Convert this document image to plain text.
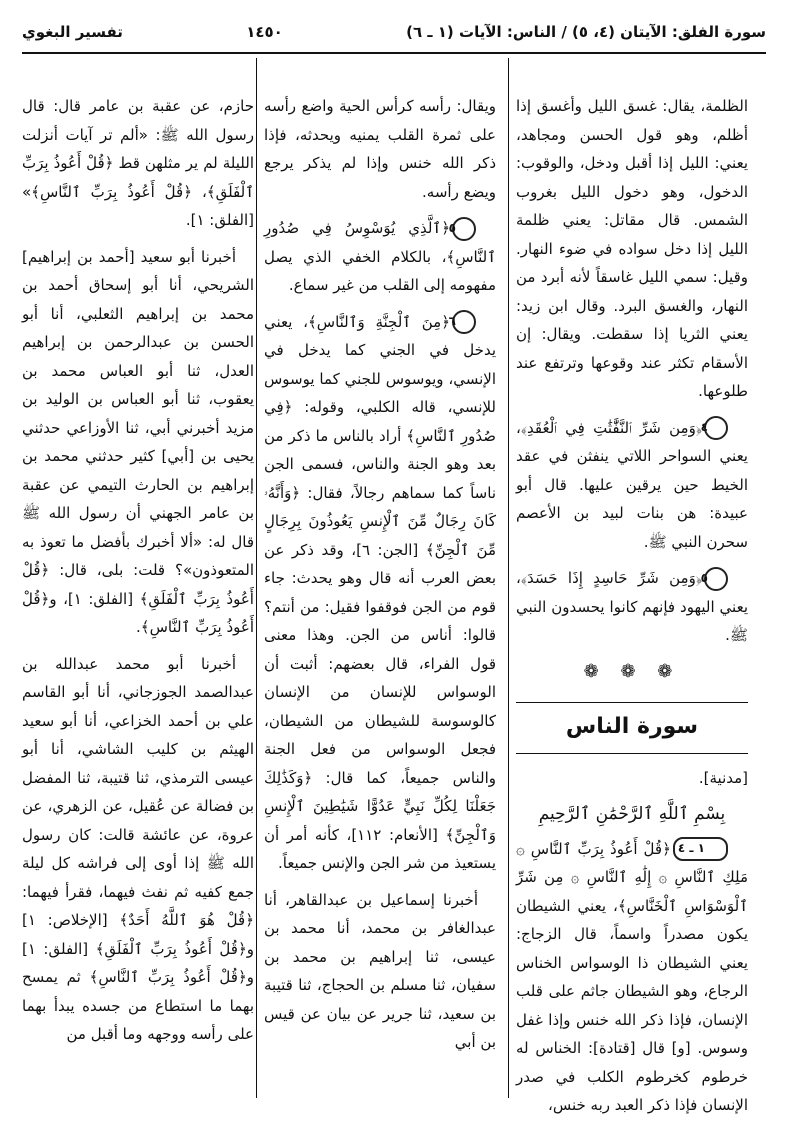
سورة الفلق: الآيتان (٤، ٥) / الناس: الآيات (١ ـ ٦)
١٤٥٠
تفسير البغوي

الظلمة، يقال: غسق الليل وأغسق إذا أظلم، وهو قول الحسن ومجاهد، يعني: الليل إذا أقبل ودخل، والوقوب: الدخول، وهو دخول الليل بغروب الشمس. قال مقاتل: يعني ظلمة الليل إذا دخل سواده في ضوء النهار. وقيل: سمي الليل غاسقاً لأنه أبرد من النهار، والغسق البرد. وقال ابن زيد: يعني الثريا إذا سقطت. ويقال: إن الأسقام تكثر عند وقوعها وترتفع عند طلوعها.

٤﴿وَمِن شَرِّ ٱلنَّفَّٰثَٰتِ فِي ٱلْعُقَدِ﴾، يعني السواحر اللاتي ينفثن في عقد الخيط حين يرقين عليها. قال أبو عبيدة: هن بنات لبيد بن الأعصم سحرن النبي ﷺ.

٥﴿وَمِن شَرِّ حَاسِدٍ إِذَا حَسَدَ﴾، يعني اليهود فإنهم كانوا يحسدون النبي ﷺ.

❁ ❁ ❁
سورة الناس

[مدنية].

بِسْمِ ٱللَّهِ ٱلرَّحْمَٰنِ ٱلرَّحِيمِ

١ ـ ٤﴿قُلْ أَعُوذُ بِرَبِّ ٱلنَّاسِ ۞ مَلِكِ ٱلنَّاسِ ۞ إِلَٰهِ ٱلنَّاسِ ۞ مِن شَرِّ ٱلْوَسْوَاسِ ٱلْخَنَّاسِ﴾، يعني الشيطان يكون مصدراً واسماً، قال الزجاج: يعني الشيطان ذا الوسواس الخناس الرجاع، وهو الشيطان جاثم على قلب الإنسان، فإذا ذكر الله خنس وإذا غفل وسوس. [و] قال [قتادة]: الخناس له خرطوم كخرطوم الكلب في صدر الإنسان فإذا ذكر العبد ربه خنس،

ويقال: رأسه كرأس الحية واضع رأسه على ثمرة القلب يمنيه ويحدثه، فإذا ذكر الله خنس وإذا لم يذكر يرجع ويضع رأسه.

٥﴿ٱلَّذِي يُوَسْوِسُ فِي صُدُورِ ٱلنَّاسِ﴾، بالكلام الخفي الذي يصل مفهومه إلى القلب من غير سماع.

٦﴿مِنَ ٱلْجِنَّةِ وَٱلنَّاسِ﴾، يعني يدخل في الجني كما يدخل في الإنسي، ويوسوس للجني كما يوسوس للإنسي، قاله الكلبي، وقوله: ﴿فِي صُدُورِ ٱلنَّاسِ﴾ أراد بالناس ما ذكر من بعد وهو الجنة والناس، فسمى الجن ناساً كما سماهم رجالاً، فقال: ﴿وَأَنَّهُۥ كَانَ رِجَالٌ مِّنَ ٱلْإِنسِ يَعُوذُونَ بِرِجَالٍ مِّنَ ٱلْجِنِّ﴾ [الجن: ٦]، وقد ذكر عن بعض العرب أنه قال وهو يحدث: جاء قوم من الجن فوقفوا فقيل: من أنتم؟ قالوا: أناس من الجن. وهذا معنى قول الفراء، قال بعضهم: أثبت أن الوسواس للإنسان من الإنسان كالوسوسة للشيطان من الشيطان، فجعل الوسواس من فعل الجنة والناس جميعاً، كما قال: ﴿وَكَذَٰلِكَ جَعَلْنَا لِكُلِّ نَبِيٍّ عَدُوًّا شَيَٰطِينَ ٱلْإِنسِ وَٱلْجِنِّ﴾ [الأنعام: ١١٢]، كأنه أمر أن يستعيذ من شر الجن والإنس جميعاً.

أخبرنا إسماعيل بن عبدالقاهر، أنا عبدالغافر بن محمد، أنا محمد بن عيسى، ثنا إبراهيم بن محمد بن سفيان، ثنا مسلم بن الحجاج، ثنا قتيبة بن سعيد، ثنا جرير عن بيان عن قيس بن أبي

حازم، عن عقبة بن عامر قال: قال رسول الله ﷺ: «ألم تر آيات أنزلت الليلة لم ير مثلهن قط ﴿قُلْ أَعُوذُ بِرَبِّ ٱلْفَلَقِ﴾، ﴿قُلْ أَعُوذُ بِرَبِّ ٱلنَّاسِ﴾» [الفلق: ١].

أخبرنا أبو سعيد [أحمد بن إبراهيم] الشريحي، أنا أبو إسحاق أحمد بن محمد بن إبراهيم الثعلبي، أنا أبو الحسن بن عبدالرحمن بن إبراهيم العدل، ثنا أبو العباس محمد بن يعقوب، ثنا أبو العباس بن الوليد بن مزيد أخبرني أبي، ثنا الأوزاعي حدثني يحيى بن [أبي] كثير حدثني محمد بن إبراهيم بن الحارث التيمي عن عقبة بن عامر الجهني أن رسول الله ﷺ قال له: «ألا أخبرك بأفضل ما تعوذ به المتعوذون»؟ قلت: بلى، قال: ﴿قُلْ أَعُوذُ بِرَبِّ ٱلْفَلَقِ﴾ [الفلق: ١]، و﴿قُلْ أَعُوذُ بِرَبِّ ٱلنَّاسِ﴾.

أخبرنا أبو محمد عبدالله بن عبدالصمد الجوزجاني، أنا أبو القاسم علي بن أحمد الخزاعي، أنا أبو سعيد الهيثم بن كليب الشاشي، أنا أبو عيسى الترمذي، ثنا قتيبة، ثنا المفضل بن فضالة عن عُقيل، عن الزهري، عن عروة، عن عائشة قالت: كان رسول الله ﷺ إذا أوى إلى فراشه كل ليلة جمع كفيه ثم نفث فيهما، فقرأ فيهما: ﴿قُلْ هُوَ ٱللَّهُ أَحَدٌ﴾ [الإخلاص: ١] و﴿قُلْ أَعُوذُ بِرَبِّ ٱلْفَلَقِ﴾ [الفلق: ١] و﴿قُلْ أَعُوذُ بِرَبِّ ٱلنَّاسِ﴾ ثم يمسح بهما ما استطاع من جسده يبدأ بهما على رأسه ووجهه وما أقبل من
